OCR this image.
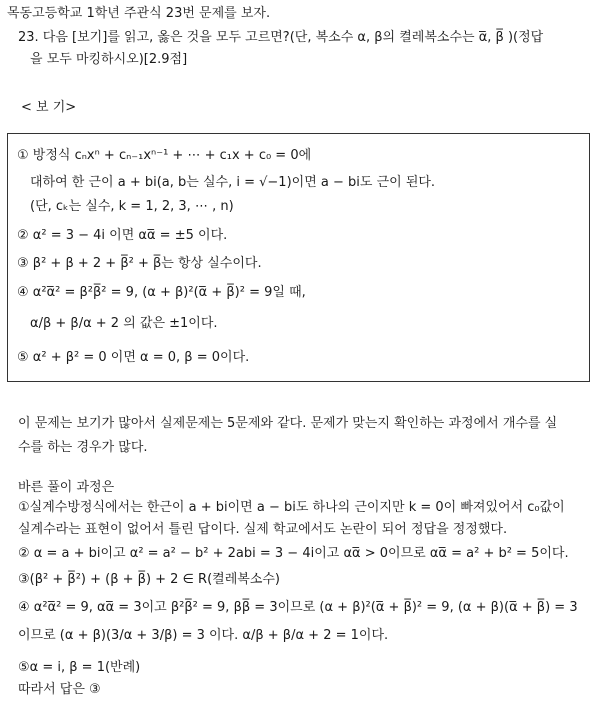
목동고등학교 1학년 주관식 23번 문제를 보자.
23. 다음 [보기]를 읽고, 옳은 것을 모두 고르면?(단, 복소수 α, β의 켤레복소수는 α̅, β̅ )(정답
을 모두 마킹하시오)[2.9점]
< 보 기>
① 방정식 cₙxⁿ + cₙ₋₁xⁿ⁻¹ + ⋯ + c₁x + c₀ = 0에
대하여 한 근이 a + bi(a, b는 실수, i = √−1)이면 a − bi도 근이 된다.
(단, cₖ는 실수, k = 1, 2, 3, ⋯ , n)
② α² = 3 − 4i 이면 αα̅ = ±5 이다.
③ β² + β + 2 + β̅² + β̅는 항상 실수이다.
④ α²α̅² = β²β̅² = 9, (α + β)²(α̅ + β̅)² = 9일 때,
α/β + β/α + 2 의 값은 ±1이다.
⑤ α² + β² = 0 이면 α = 0, β = 0이다.
이 문제는 보기가 많아서 실제문제는 5문제와 같다. 문제가 맞는지 확인하는 과정에서 개수를 실
수를 하는 경우가 많다.
바른 풀이 과정은
①실계수방정식에서는 한근이 a + bi이면 a − bi도 하나의 근이지만 k = 0이 빠져있어서 c₀값이
실계수라는 표현이 없어서 틀린 답이다. 실제 학교에서도 논란이 되어 정답을 정정했다.
② α = a + bi이고 α² = a² − b² + 2abi = 3 − 4i이고 αα̅ > 0이므로 αα̅ = a² + b² = 5이다.
③(β² + β̅²) + (β + β̅) + 2 ∈ R(켤레복소수)
④ α²α̅² = 9, αα̅ = 3이고 β²β̅² = 9, ββ̅ = 3이므로 (α + β)²(α̅ + β̅)² = 9, (α + β)(α̅ + β̅) = 3
이므로 (α + β)(3/α + 3/β) = 3 이다. α/β + β/α + 2 = 1이다.
⑤α = i, β = 1(반례)
따라서 답은 ③
